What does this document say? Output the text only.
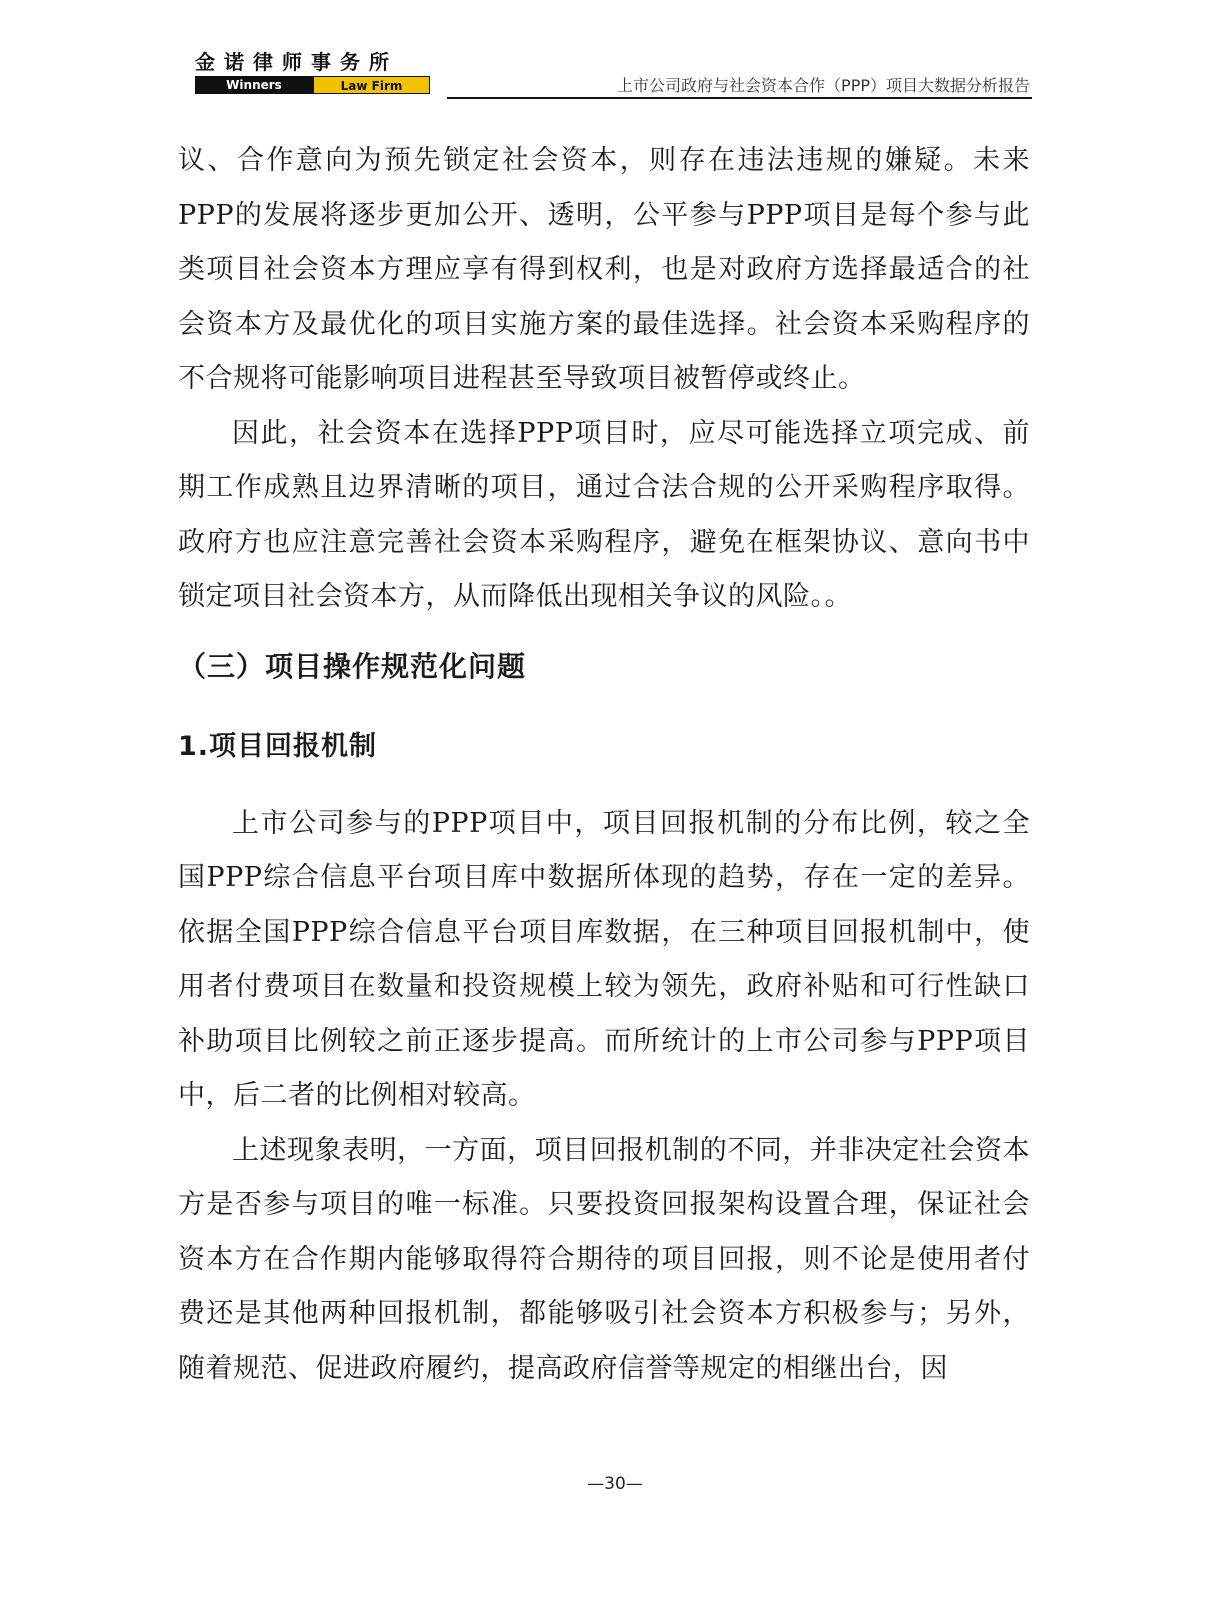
金诺律师事务所
Winners	Law Firm	上市公司政府与社会资本合作（PPP）项目大数据分析报告

议、合作意向为预先锁定社会资本，则存在违法违规的嫌疑。未来PPP的发展将逐步更加公开、透明，公平参与PPP项目是每个参与此类项目社会资本方理应享有得到权利，也是对政府方选择最适合的社会资本方及最优化的项目实施方案的最佳选择。社会资本采购程序的不合规将可能影响项目进程甚至导致项目被暂停或终止。

因此，社会资本在选择PPP项目时，应尽可能选择立项完成、前期工作成熟且边界清晰的项目，通过合法合规的公开采购程序取得。政府方也应注意完善社会资本采购程序，避免在框架协议、意向书中锁定项目社会资本方，从而降低出现相关争议的风险。。

（三）项目操作规范化问题
1.项目回报机制

上市公司参与的PPP项目中，项目回报机制的分布比例，较之全国PPP综合信息平台项目库中数据所体现的趋势，存在一定的差异。依据全国PPP综合信息平台项目库数据，在三种项目回报机制中，使用者付费项目在数量和投资规模上较为领先，政府补贴和可行性缺口补助项目比例较之前正逐步提高。而所统计的上市公司参与PPP项目中，后二者的比例相对较高。

上述现象表明，一方面，项目回报机制的不同，并非决定社会资本方是否参与项目的唯一标准。只要投资回报架构设置合理，保证社会资本方在合作期内能够取得符合期待的项目回报，则不论是使用者付费还是其他两种回报机制，都能够吸引社会资本方积极参与；另外，随着规范、促进政府履约，提高政府信誉等规定的相继出台，因

—30—
